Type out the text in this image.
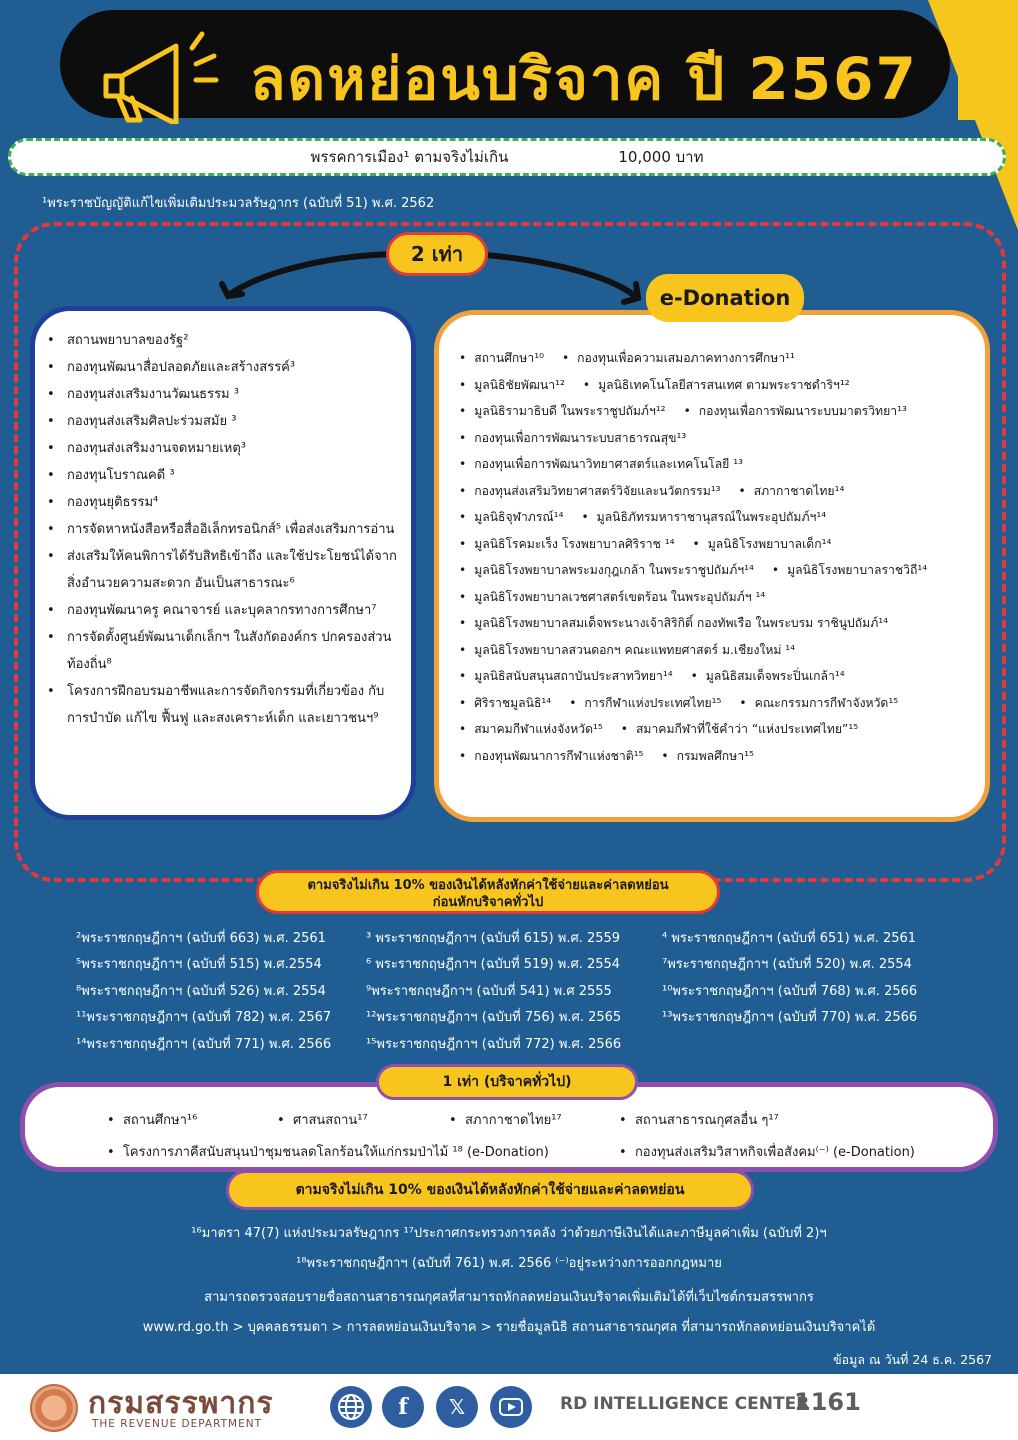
ลดหย่อนบริจาค ปี 2567
พรรคการเมือง¹ ตามจริงไม่เกิน	10,000 บาท
¹พระราชบัญญัติแก้ไขเพิ่มเติมประมวลรัษฎากร (ฉบับที่ 51) พ.ศ. 2562
2 เท่า
e-Donation
• สถานพยาบาลของรัฐ²
• กองทุนพัฒนาสื่อปลอดภัยและสร้างสรรค์³
• กองทุนส่งเสริมงานวัฒนธรรม ³
• กองทุนส่งเสริมศิลปะร่วมสมัย ³
• กองทุนส่งเสริมงานจดหมายเหตุ³
• กองทุนโบราณคดี ³
• กองทุนยุติธรรม⁴
• การจัดหาหนังสือหรือสื่ออิเล็กทรอนิกส์⁵ เพื่อส่งเสริมการอ่าน
• ส่งเสริมให้คนพิการได้รับสิทธิเข้าถึง และใช้ประโยชน์ได้จากสิ่งอำนวยความสะดวก อันเป็นสาธารณะ⁶
• กองทุนพัฒนาครู คณาจารย์ และบุคลากรทางการศึกษา⁷
• การจัดตั้งศูนย์พัฒนาเด็กเล็กฯ ในสังกัดองค์กร ปกครองส่วนท้องถิ่น⁸
• โครงการฝึกอบรมอาชีพและการจัดกิจกรรมที่เกี่ยวข้อง กับการบำบัด แก้ไข ฟื้นฟู และสงเคราะห์เด็ก และเยาวชนฯ⁹
• สถานศึกษา¹⁰ • กองทุนเพื่อความเสมอภาคทางการศึกษา¹¹
• มูลนิธิชัยพัฒนา¹² • มูลนิธิเทคโนโลยีสารสนเทศ ตามพระราชดำริฯ¹²
• มูลนิธิรามาธิบดี ในพระราชูปถัมภ์ฯ¹² • กองทุนเพื่อการพัฒนาระบบมาตรวิทยา¹³
• กองทุนเพื่อการพัฒนาระบบสาธารณสุข¹³
• กองทุนเพื่อการพัฒนาวิทยาศาสตร์และเทคโนโลยี ¹³
• กองทุนส่งเสริมวิทยาศาสตร์วิจัยและนวัตกรรม¹³ • สภากาชาดไทย¹⁴
• มูลนิธิจุฬาภรณ์¹⁴ • มูลนิธิภัทรมหาราชานุสรณ์ในพระอุปถัมภ์ฯ¹⁴
• มูลนิธิโรคมะเร็ง โรงพยาบาลศิริราช ¹⁴ • มูลนิธิโรงพยาบาลเด็ก¹⁴
• มูลนิธิโรงพยาบาลพระมงกุฎเกล้า ในพระราชูปถัมภ์ฯ¹⁴ • มูลนิธิโรงพยาบาลราชวิถี¹⁴
• มูลนิธิโรงพยาบาลเวชศาสตร์เขตร้อน ในพระอุปถัมภ์ฯ ¹⁴
• มูลนิธิโรงพยาบาลสมเด็จพระนางเจ้าสิริกิติ์ กองทัพเรือ ในพระบรม ราชินูปถัมภ์¹⁴
• มูลนิธิโรงพยาบาลสวนดอกฯ คณะแพทยศาสตร์ ม.เชียงใหม่ ¹⁴
• มูลนิธิสนับสนุนสถาบันประสาทวิทยา¹⁴ • มูลนิธิสมเด็จพระปิ่นเกล้า¹⁴
• ศิริราชมูลนิธิ¹⁴ • การกีฬาแห่งประเทศไทย¹⁵ • คณะกรรมการกีฬาจังหวัด¹⁵
• สมาคมกีฬาแห่งจังหวัด¹⁵ • สมาคมกีฬาที่ใช้คำว่า “แห่งประเทศไทย”¹⁵
• กองทุนพัฒนาการกีฬาแห่งชาติ¹⁵ • กรมพลศึกษา¹⁵
ตามจริงไม่เกิน 10% ของเงินได้หลังหักค่าใช้จ่ายและค่าลดหย่อน
ก่อนหักบริจาคทั่วไป
²พระราชกฤษฎีกาฯ (ฉบับที่ 663) พ.ศ. 2561	³ พระราชกฤษฎีกาฯ (ฉบับที่ 615) พ.ศ. 2559	⁴ พระราชกฤษฎีกาฯ (ฉบับที่ 651) พ.ศ. 2561
⁵พระราชกฤษฎีกาฯ (ฉบับที่ 515) พ.ศ.2554	⁶ พระราชกฤษฎีกาฯ (ฉบับที่ 519) พ.ศ. 2554	⁷พระราชกฤษฎีกาฯ (ฉบับที่ 520) พ.ศ. 2554
⁸พระราชกฤษฎีกาฯ (ฉบับที่ 526) พ.ศ. 2554	⁹พระราชกฤษฎีกาฯ (ฉบับที่ 541) พ.ศ 2555	¹⁰พระราชกฤษฎีกาฯ (ฉบับที่ 768) พ.ศ. 2566
¹¹พระราชกฤษฎีกาฯ (ฉบับที่ 782) พ.ศ. 2567	¹²พระราชกฤษฎีกาฯ (ฉบับที่ 756) พ.ศ. 2565	¹³พระราชกฤษฎีกาฯ (ฉบับที่ 770) พ.ศ. 2566
¹⁴พระราชกฤษฎีกาฯ (ฉบับที่ 771) พ.ศ. 2566	¹⁵พระราชกฤษฎีกาฯ (ฉบับที่ 772) พ.ศ. 2566
•  สถานศึกษา¹⁶	•  ศาสนสถาน¹⁷	•  สภากาชาดไทย¹⁷	•  สถานสาธารณกุศลอื่น ๆ¹⁷
•  โครงการภาคีสนับสนุนป่าชุมชนลดโลกร้อนให้แก่กรมป่าไม้ ¹⁸ (e-Donation)	•  กองทุนส่งเสริมวิสาหกิจเพื่อสังคม⁽⁻⁾ (e-Donation)
1 เท่า (บริจาคทั่วไป)
ตามจริงไม่เกิน 10% ของเงินได้หลังหักค่าใช้จ่ายและค่าลดหย่อน
¹⁶มาตรา 47(7) แห่งประมวลรัษฎากร ¹⁷ประกาศกระทรวงการคลัง ว่าด้วยภาษีเงินได้และภาษีมูลค่าเพิ่ม (ฉบับที่ 2)ฯ
¹⁸พระราชกฤษฎีกาฯ (ฉบับที่ 761) พ.ศ. 2566 ⁽⁻⁾อยู่ระหว่างการออกกฎหมาย
สามารถตรวจสอบรายชื่อสถานสาธารณกุศลที่สามารถหักลดหย่อนเงินบริจาคเพิ่มเติมได้ที่เว็บไซต์กรมสรรพากร
www.rd.go.th > บุคคลธรรมดา > การลดหย่อนเงินบริจาค > รายชื่อมูลนิธิ สถานสาธารณกุศล ที่สามารถหักลดหย่อนเงินบริจาคได้
ข้อมูล ณ วันที่ 24 ธ.ค. 2567
กรมสรรพากร
THE REVENUE DEPARTMENT
f	𝕏	RD INTELLIGENCE CENTER
1161
